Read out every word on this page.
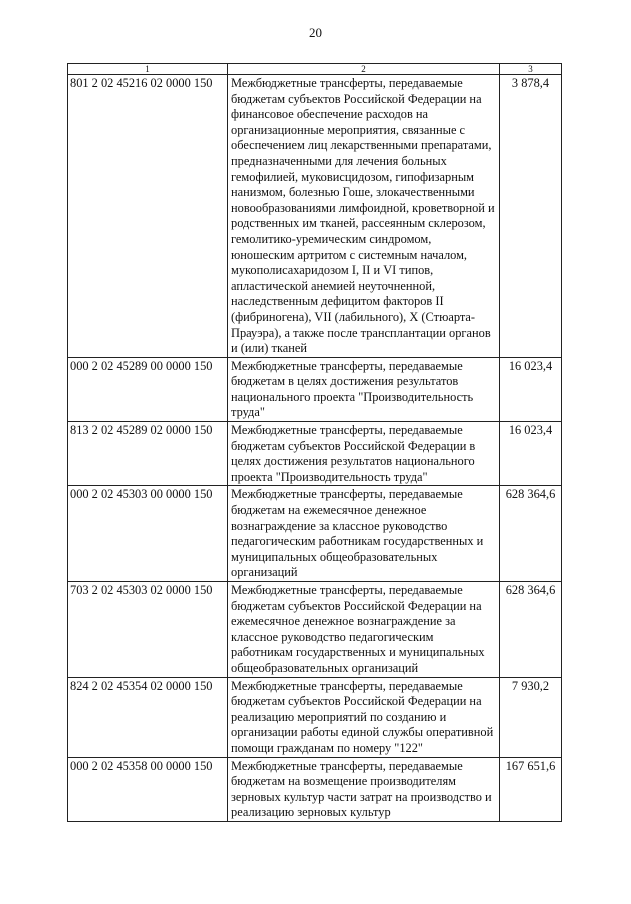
20
1	2	3
801 2 02 45216 02 0000 150	Межбюджетные трансферты, передаваемые бюджетам субъектов Российской Федерации на финансовое обеспечение расходов на организационные мероприятия, связанные с обеспечением лиц лекарственными препаратами, предназначенными для лечения больных гемофилией, муковисцидозом, гипофизарным нанизмом, болезнью Гоше, злокачественными новообразованиями лимфоидной, кроветворной и родственных им тканей, рассеянным склерозом, гемолитико-уремическим синдромом, юношеским артритом с системным началом, мукополисахаридозом I, II и VI типов, апластической анемией неуточненной, наследственным дефицитом факторов II (фибриногена), VII (лабильного), X (Стюарта-Прауэра), а также после трансплантации органов и (или) тканей	3 878,4
000 2 02 45289 00 0000 150	Межбюджетные трансферты, передаваемые бюджетам в целях достижения результатов национального проекта "Производительность труда"	16 023,4
813 2 02 45289 02 0000 150	Межбюджетные трансферты, передаваемые бюджетам субъектов Российской Федерации в целях достижения результатов национального проекта "Производительность труда"	16 023,4
000 2 02 45303 00 0000 150	Межбюджетные трансферты, передаваемые бюджетам на ежемесячное денежное вознаграждение за классное руководство педагогическим работникам государственных и муниципальных общеобразовательных организаций	628 364,6
703 2 02 45303 02 0000 150	Межбюджетные трансферты, передаваемые бюджетам субъектов Российской Федерации на ежемесячное денежное вознаграждение за классное руководство педагогическим работникам государственных и муниципальных общеобразовательных организаций	628 364,6
824 2 02 45354 02 0000 150	Межбюджетные трансферты, передаваемые бюджетам субъектов Российской Федерации на реализацию мероприятий по созданию и организации работы единой службы оперативной помощи гражданам по номеру "122"	7 930,2
000 2 02 45358 00 0000 150	Межбюджетные трансферты, передаваемые бюджетам на возмещение производителям зерновых культур части затрат на производство и реализацию зерновых культур	167 651,6
